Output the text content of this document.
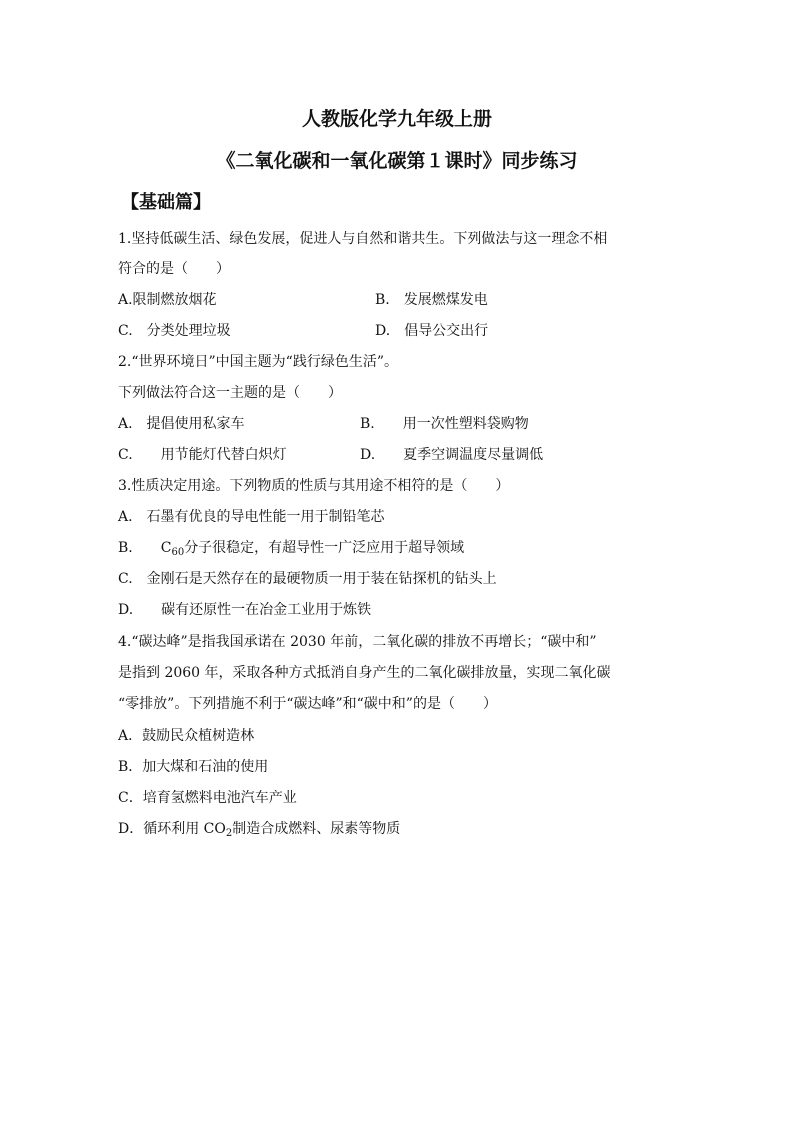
人教版化学九年级上册
《二氧化碳和一氧化碳第１课时》同步练习
【基础篇】
1.坚持低碳生活、绿色发展，促进人与自然和谐共生。下列做法与这一理念不相
符合的是（　　）
A.限制燃放烟花	B.　发展燃煤发电
C.　分类处理垃圾	D.　倡导公交出行
2.“世界环境日”中国主题为“践行绿色生活”。
下列做法符合这一主题的是（　　）
A.　提倡使用私家车	B.　　用一次性塑料袋购物
C.　　用节能灯代替白炽灯	D.　　夏季空调温度尽量调低
3.性质决定用途。下列物质的性质与其用途不相符的是（　　）
A.　石墨有优良的导电性能一用于制铅笔芯
B.　　$C_{60}$分子很稳定，有超导性一广泛应用于超导领域
C.　金刚石是天然存在的最硬物质一用于装在钻探机的钻头上
D.　　碳有还原性一在冶金工业用于炼铁
4.“碳达峰”是指我国承诺在 2030 年前，二氧化碳的排放不再增长；“碳中和”
是指到 2060 年，采取各种方式抵消自身产生的二氧化碳排放量，实现二氧化碳
“零排放”。下列措施不利于“碳达峰”和“碳中和”的是（　　）
A．鼓励民众植树造林
B．加大煤和石油的使用
C．培育氢燃料电池汽车产业
D．循环利用 $CO_2$制造合成燃料、尿素等物质
